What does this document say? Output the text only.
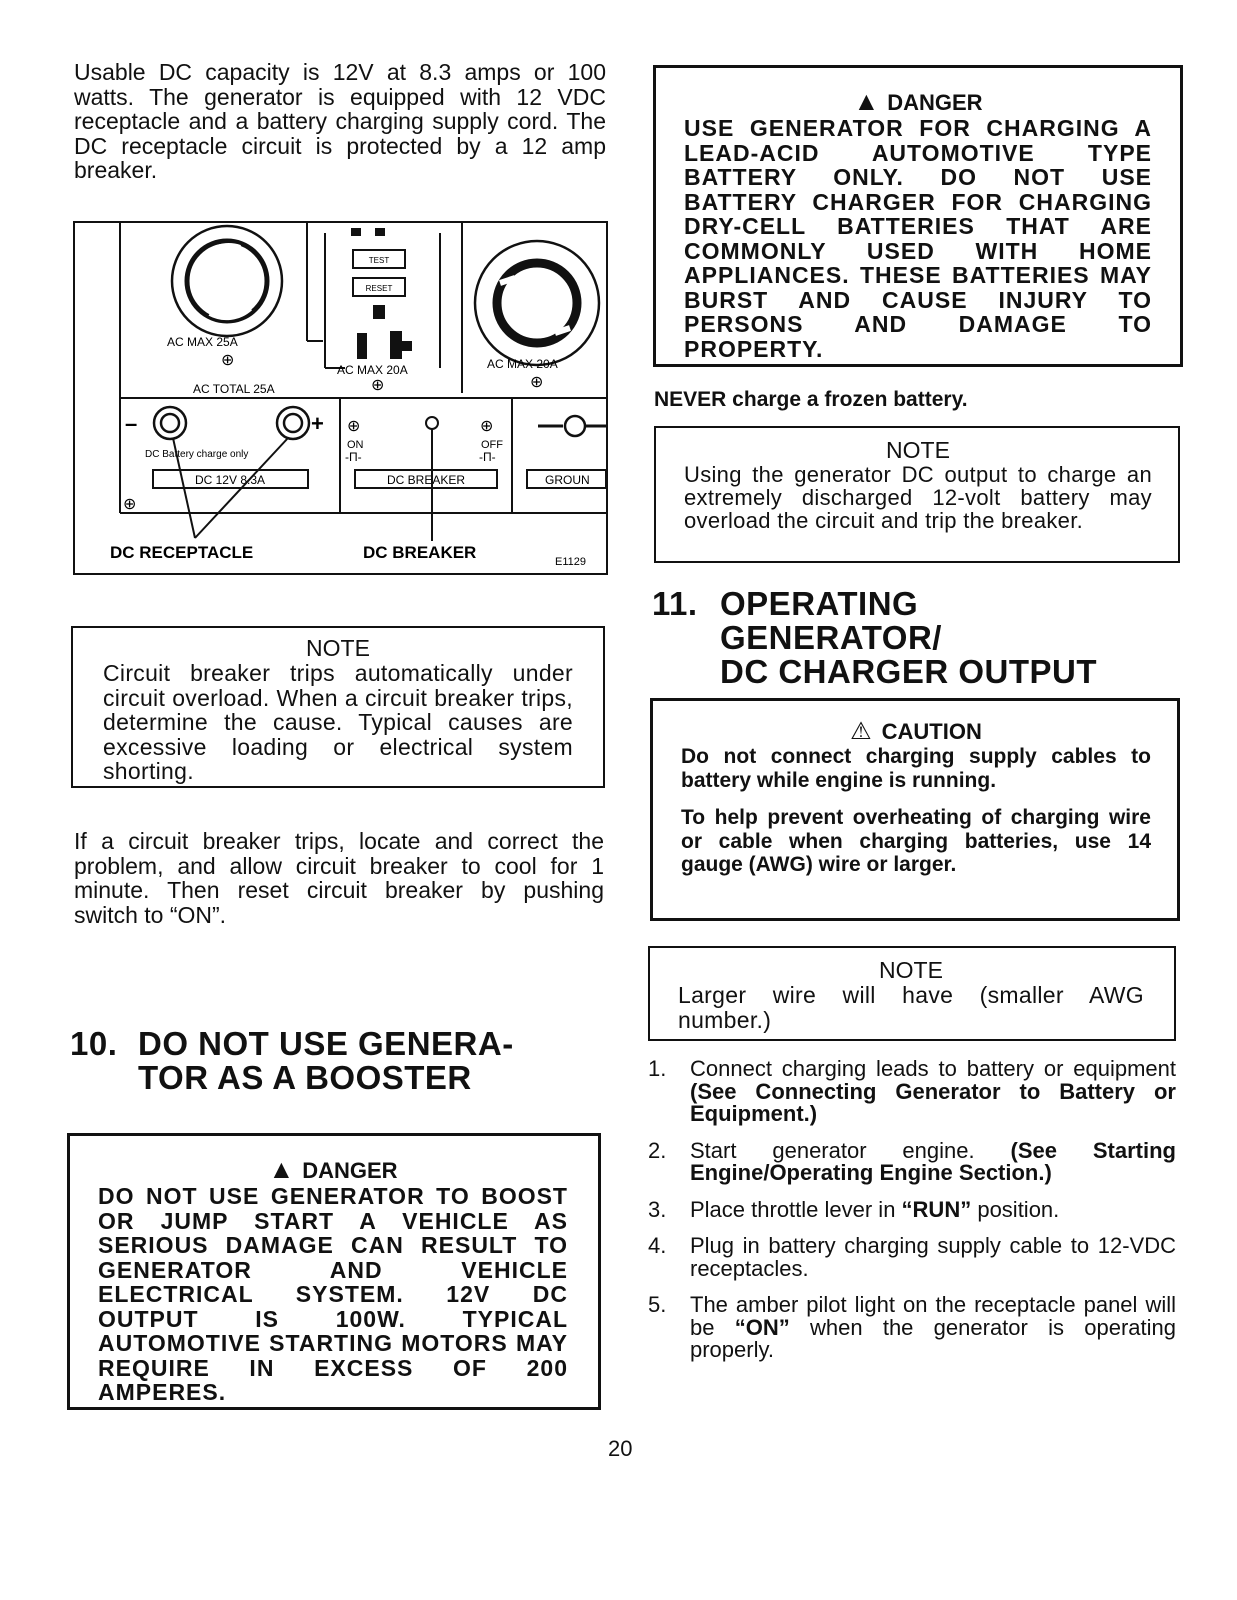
Usable DC capacity is 12V at 8.3 amps or 100 watts. The generator is equipped with 12 VDC receptacle and a battery charging supply cord. The DC receptacle circuit is protected by a 12 amp breaker.

AC MAX 25A
⊕
AC TOTAL 25A
TEST
RESET
AC MAX 20A
⊕
AC MAX 20A
⊕
–	+
DC Battery charge only
DC 12V 8.3A
⊕
⊕
ON
-Π-
⊕
OFF
-Π-
DC BREAKER	GROUN
DC RECEPTACLE	DC BREAKER	E1129
NOTE
Circuit breaker trips automatically under circuit overload. When a circuit breaker trips, determine the cause. Typical causes are excessive loading or electrical system shorting.

If a circuit breaker trips, locate and correct the problem, and allow circuit breaker to cool for 1 minute. Then reset circuit breaker by pushing switch to “ON”.

10. DO NOT USE GENERA-
TOR AS A BOOSTER
▲ DANGER
DO NOT USE GENERATOR TO BOOST OR JUMP START A VEHICLE AS SERIOUS DAMAGE CAN RESULT TO GENERATOR AND VEHICLE ELECTRICAL SYSTEM. 12V DC OUTPUT IS 100W. TYPICAL AUTOMOTIVE STARTING MOTORS MAY REQUIRE IN EXCESS OF 200 AMPERES.
▲ DANGER
USE GENERATOR FOR CHARGING A LEAD-ACID AUTOMOTIVE TYPE BATTERY ONLY. DO NOT USE BATTERY CHARGER FOR CHARGING DRY-CELL BATTERIES THAT ARE COMMONLY USED WITH HOME APPLIANCES. THESE BATTERIES MAY BURST AND CAUSE INJURY TO PERSONS AND DAMAGE TO PROPERTY.
NEVER charge a frozen battery.
NOTE
Using the generator DC output to charge an extremely discharged 12-volt battery may overload the circuit and trip the breaker.
11. OPERATING
GENERATOR/
DC CHARGER OUTPUT
⚠ CAUTION
Do not connect charging supply cables to battery while engine is running.
To help prevent overheating of charging wire or cable when charging batteries, use 14 gauge (AWG) wire or larger.
NOTE
Larger wire will have (smaller AWG number.)
1. Connect charging leads to battery or equipment (See Connecting Generator to Battery or Equipment.)
2. Start generator engine. (See Starting Engine/Operating Engine Section.)
3. Place throttle lever in “RUN” position.
4. Plug in battery charging supply cable to 12-VDC receptacles.
5. The amber pilot light on the receptacle panel will be “ON” when the generator is operating properly.
20
